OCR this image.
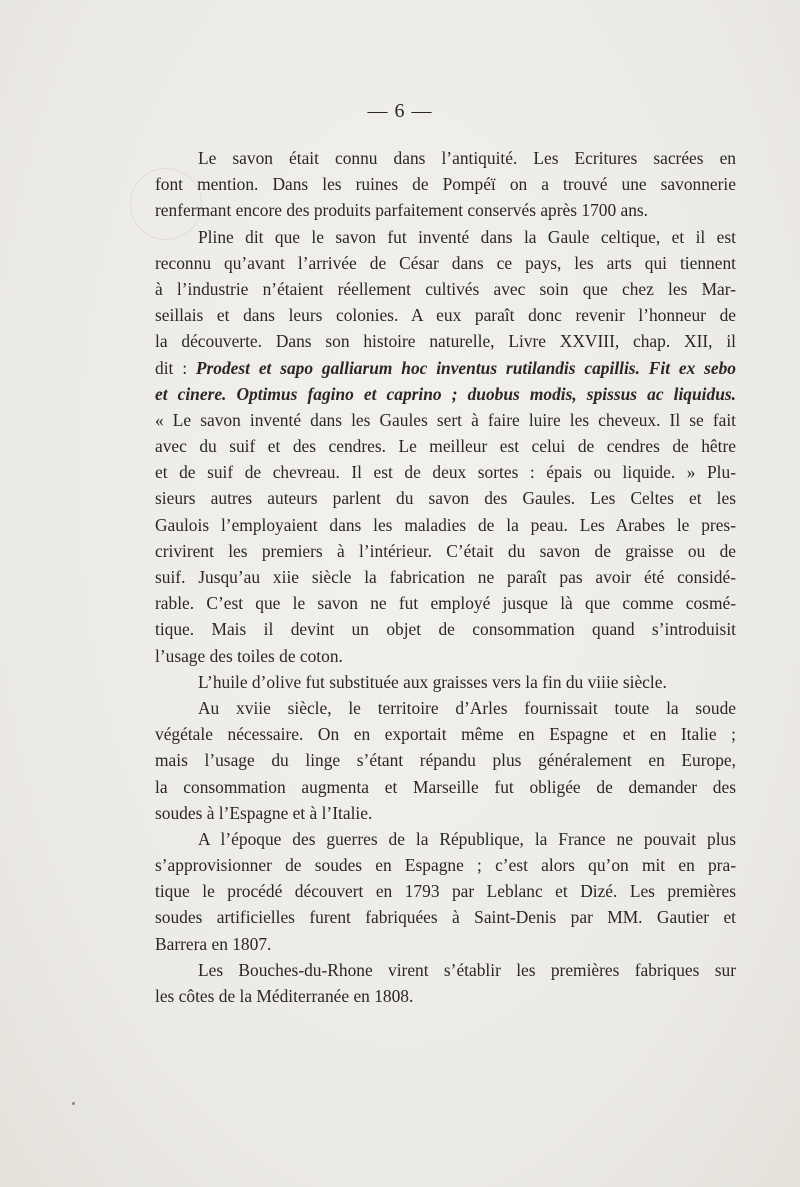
— 6 —
Le savon était connu dans l’antiquité. Les Ecritures sacrées en
font mention. Dans les ruines de Pompéï on a trouvé une savonnerie
renfermant encore des produits parfaitement conservés après 1700 ans.
Pline dit que le savon fut inventé dans la Gaule celtique, et il est
reconnu qu’avant l’arrivée de César dans ce pays, les arts qui tiennent
à l’industrie n’étaient réellement cultivés avec soin que chez les Mar-
seillais et dans leurs colonies. A eux paraît donc revenir l’honneur de
la découverte. Dans son histoire naturelle, Livre XXVIII, chap. XII, il
dit : Prodest et sapo galliarum hoc inventus rutilandis capillis. Fit ex sebo
et cinere. Optimus fagino et caprino ; duobus modis, spissus ac liquidus.
« Le savon inventé dans les Gaules sert à faire luire les cheveux. Il se fait
avec du suif et des cendres. Le meilleur est celui de cendres de hêtre
et de suif de chevreau. Il est de deux sortes : épais ou liquide. » Plu-
sieurs autres auteurs parlent du savon des Gaules. Les Celtes et les
Gaulois l’employaient dans les maladies de la peau. Les Arabes le pres-
crivirent les premiers à l’intérieur. C’était du savon de graisse ou de
suif. Jusqu’au xiie siècle la fabrication ne paraît pas avoir été considé-
rable. C’est que le savon ne fut employé jusque là que comme cosmé-
tique. Mais il devint un objet de consommation quand s’introduisit
l’usage des toiles de coton.
L’huile d’olive fut substituée aux graisses vers la fin du viiie siècle.
Au xviie siècle, le territoire d’Arles fournissait toute la soude
végétale nécessaire. On en exportait même en Espagne et en Italie ;
mais l’usage du linge s’étant répandu plus généralement en Europe,
la consommation augmenta et Marseille fut obligée de demander des
soudes à l’Espagne et à l’Italie.
A l’époque des guerres de la République, la France ne pouvait plus
s’approvisionner de soudes en Espagne ; c’est alors qu’on mit en pra-
tique le procédé découvert en 1793 par Leblanc et Dizé. Les premières
soudes artificielles furent fabriquées à Saint-Denis par MM. Gautier et
Barrera en 1807.
Les Bouches-du-Rhone virent s’établir les premières fabriques sur
les côtes de la Méditerranée en 1808.
